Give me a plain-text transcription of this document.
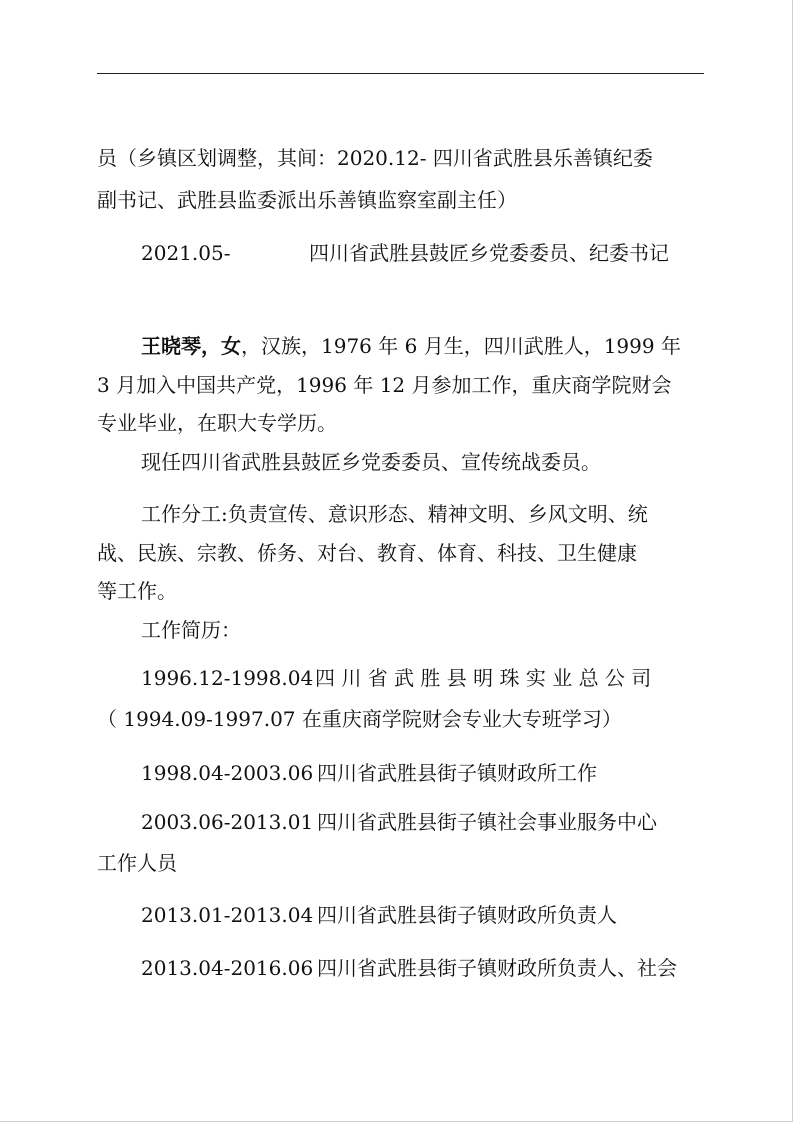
员（乡镇区划调整，其间：2020.12- 四川省武胜县乐善镇纪委
副书记、武胜县监委派出乐善镇监察室副主任）
2021.05-	四川省武胜县鼓匠乡党委委员、纪委书记
王晓琴，女，汉族，1976 年 6 月生，四川武胜人，1999 年
3 月加入中国共产党，1996 年 12 月参加工作，重庆商学院财会
专业毕业，在职大专学历。
现任四川省武胜县鼓匠乡党委委员、宣传统战委员。
工作分工:负责宣传、意识形态、精神文明、乡风文明、统
战、民族、宗教、侨务、对台、教育、体育、科技、卫生健康
等工作。
工作简历：
1996.12-1998.04 四 川 省 武 胜 县 明 珠 实 业 总 公 司
（ 1994.09-1997.07 在重庆商学院财会专业大专班学习）
1998.04-2003.06 四川省武胜县街子镇财政所工作
2003.06-2013.01 四川省武胜县街子镇社会事业服务中心
工作人员
2013.01-2013.04 四川省武胜县街子镇财政所负责人
2013.04-2016.06 四川省武胜县街子镇财政所负责人、社会
